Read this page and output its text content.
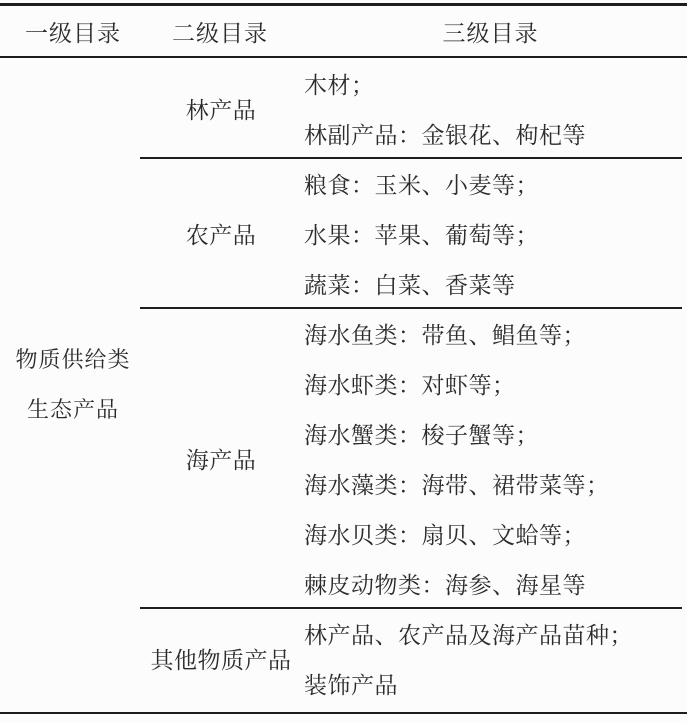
一级目录	二级目录	三级目录
物质供给类
生态产品
林产品
木材；
林副产品：金银花、枸杞等
农产品
粮食：玉米、小麦等；
水果：苹果、葡萄等；
蔬菜：白菜、香菜等
海产品
海水鱼类：带鱼、鲳鱼等；
海水虾类：对虾等；
海水蟹类：梭子蟹等；
海水藻类：海带、裙带菜等；
海水贝类：扇贝、文蛤等；
棘皮动物类：海参、海星等
其他物质产品
林产品、农产品及海产品苗种；
装饰产品
